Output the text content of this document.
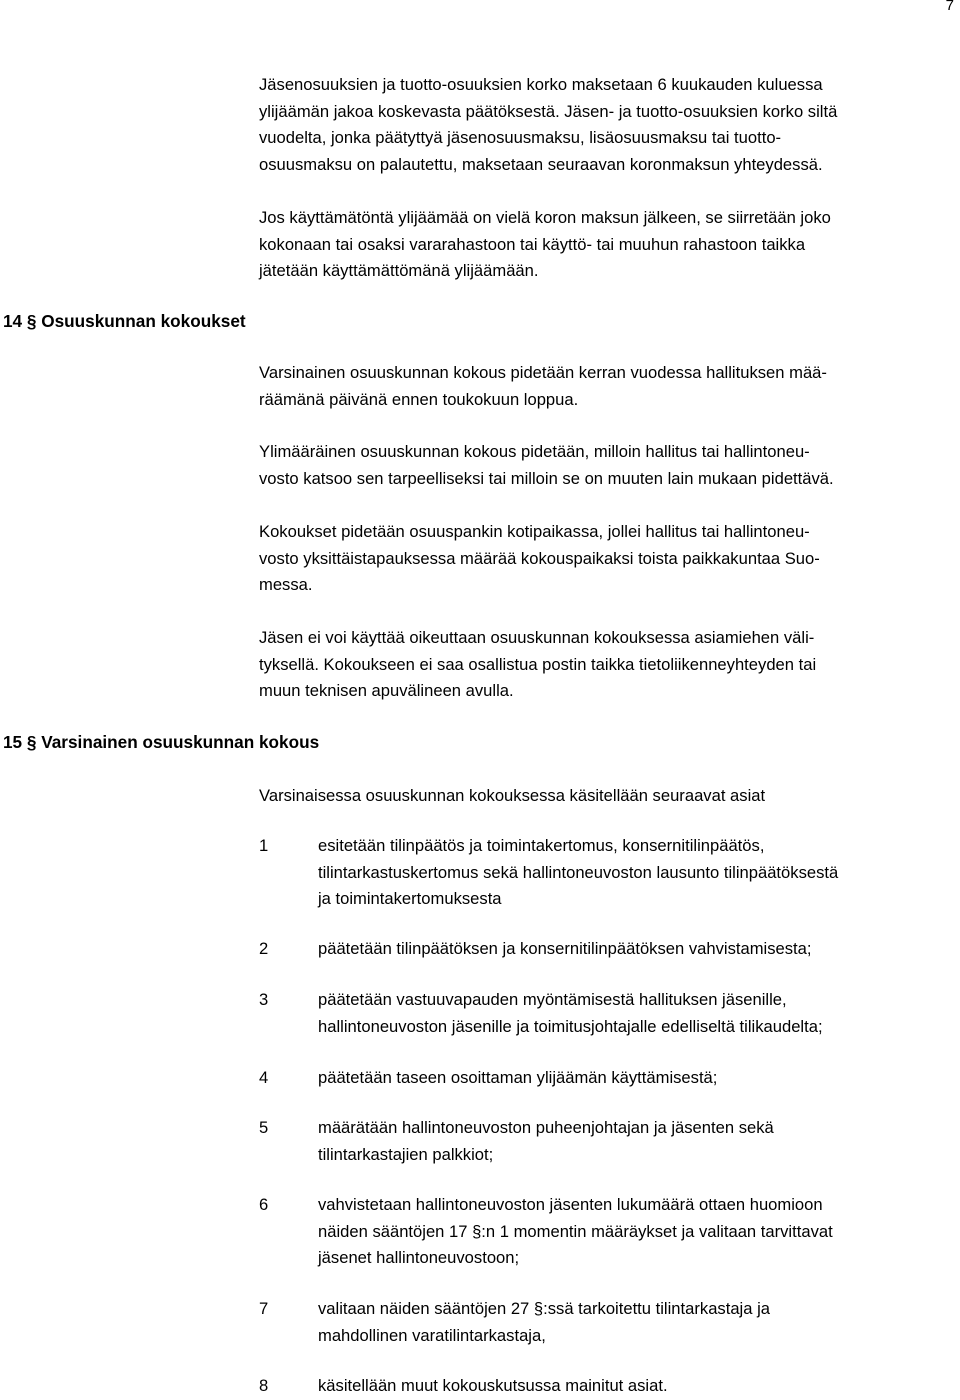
7
Jäsenosuuksien ja tuotto-osuuksien korko maksetaan 6 kuukauden kuluessa
ylijäämän jakoa koskevasta päätöksestä. Jäsen- ja tuotto-osuuksien korko siltä
vuodelta, jonka päätyttyä jäsenosuusmaksu, lisäosuusmaksu tai tuotto-
osuusmaksu on palautettu, maksetaan seuraavan koronmaksun yhteydessä.
Jos käyttämätöntä ylijäämää on vielä koron maksun jälkeen, se siirretään joko
kokonaan tai osaksi vararahastoon tai käyttö- tai muuhun rahastoon taikka
jätetään käyttämättömänä ylijäämään.
14 § Osuuskunnan kokoukset
Varsinainen osuuskunnan kokous pidetään kerran vuodessa hallituksen mää-
räämänä päivänä ennen toukokuun loppua.
Ylimääräinen osuuskunnan kokous pidetään, milloin hallitus tai hallintoneu-
vosto katsoo sen tarpeelliseksi tai milloin se on muuten lain mukaan pidettävä.
Kokoukset pidetään osuuspankin kotipaikassa, jollei hallitus tai hallintoneu-
vosto yksittäistapauksessa määrää kokouspaikaksi toista paikkakuntaa Suo-
messa.
Jäsen ei voi käyttää oikeuttaan osuuskunnan kokouksessa asiamiehen väli-
tyksellä. Kokoukseen ei saa osallistua postin taikka tietoliikenneyhteyden tai
muun teknisen apuvälineen avulla.
15 § Varsinainen osuuskunnan kokous
Varsinaisessa osuuskunnan kokouksessa käsitellään seuraavat asiat
1	esitetään tilinpäätös ja toimintakertomus, konsernitilinpäätös,
tilintarkastuskertomus sekä hallintoneuvoston lausunto tilinpäätöksestä
ja toimintakertomuksesta
2	päätetään tilinpäätöksen ja konsernitilinpäätöksen vahvistamisesta;
3	päätetään vastuuvapauden myöntämisestä hallituksen jäsenille,
hallintoneuvoston jäsenille ja toimitusjohtajalle edelliseltä tilikaudelta;
4	päätetään taseen osoittaman ylijäämän käyttämisestä;
5	määrätään hallintoneuvoston puheenjohtajan ja jäsenten sekä
tilintarkastajien palkkiot;
6	vahvistetaan hallintoneuvoston jäsenten lukumäärä ottaen huomioon
näiden sääntöjen 17 §:n 1 momentin määräykset ja valitaan tarvittavat
jäsenet hallintoneuvostoon;
7	valitaan näiden sääntöjen 27 §:ssä tarkoitettu tilintarkastaja ja
mahdollinen varatilintarkastaja,
8	käsitellään muut kokouskutsussa mainitut asiat.
